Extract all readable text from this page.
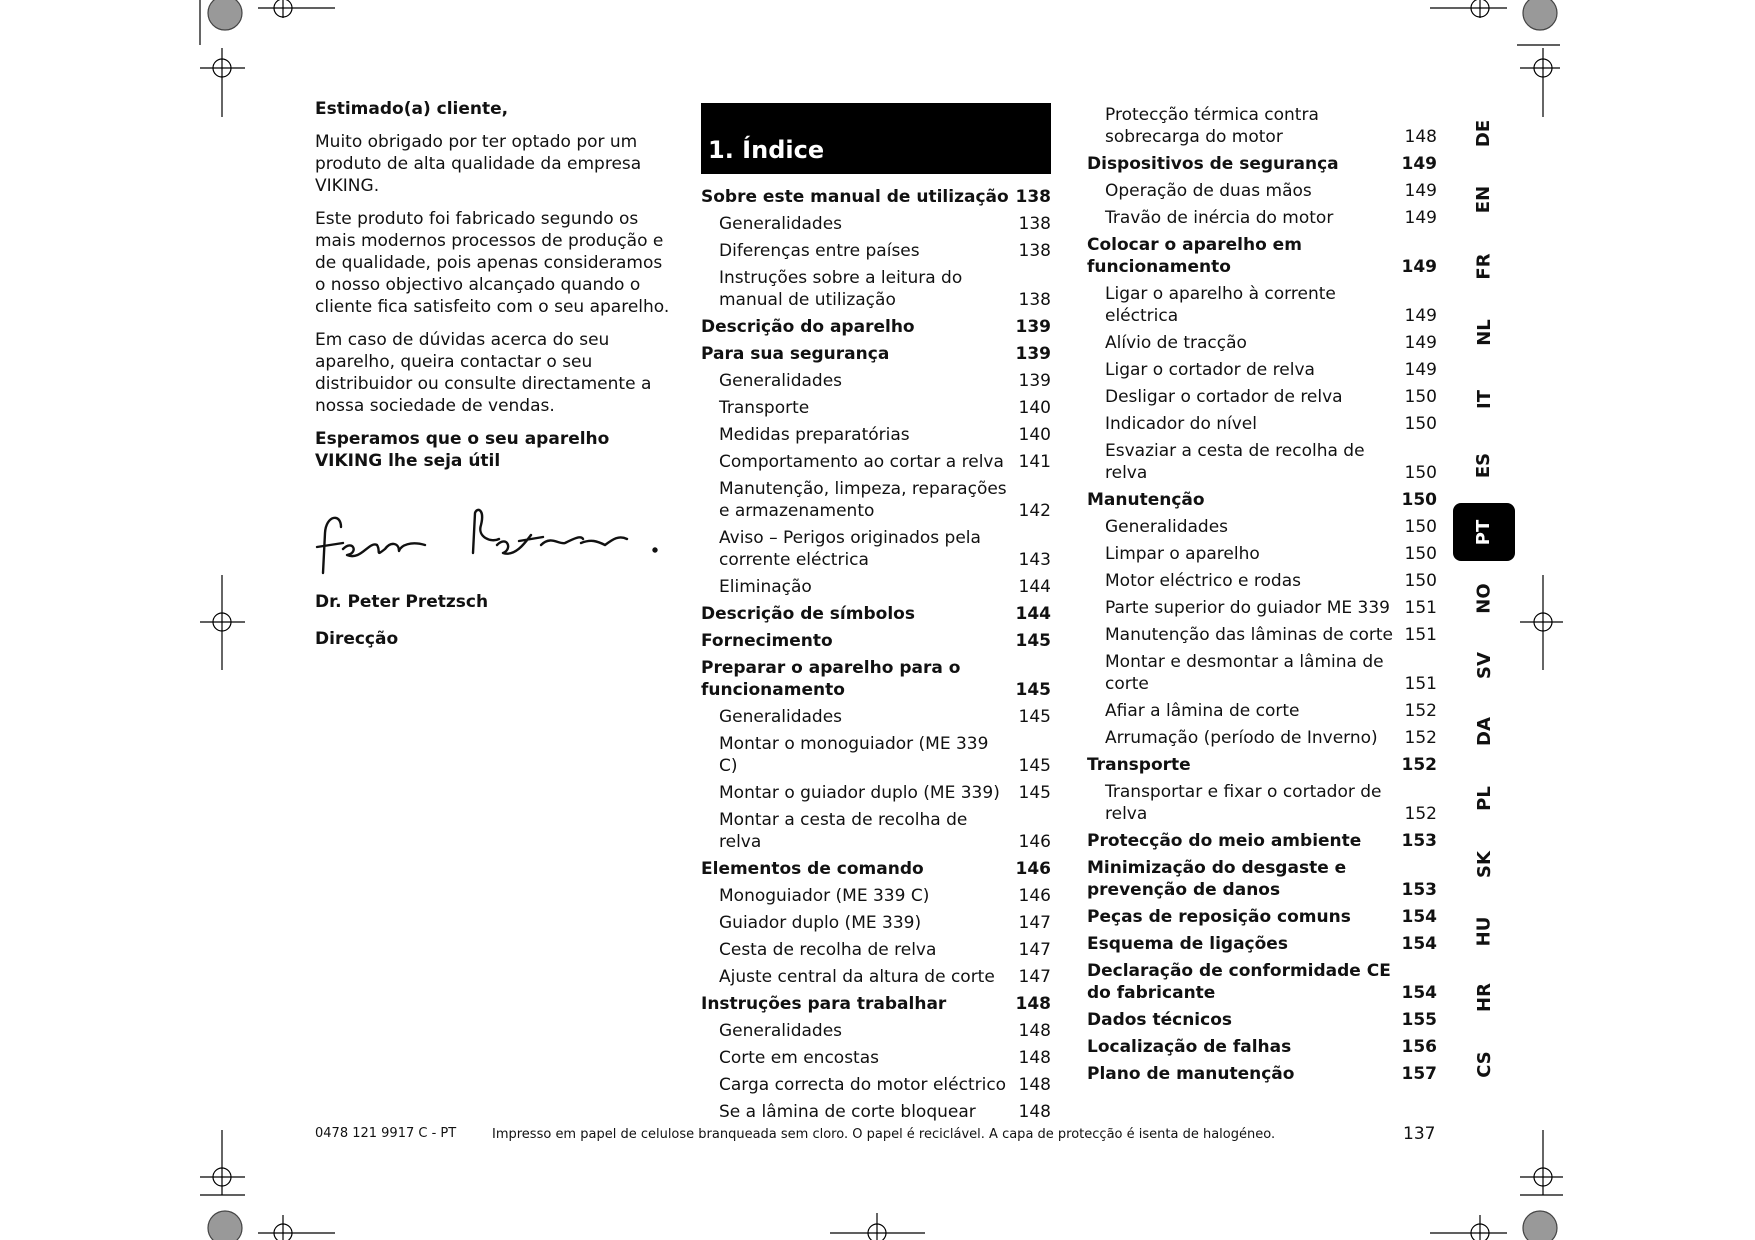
Estimado(a) cliente,

Muito obrigado por ter optado por um produto de alta qualidade da empresa VIKING.

Este produto foi fabricado segundo os mais modernos processos de produção e de qualidade, pois apenas consideramos o nosso objectivo alcançado quando o cliente fica satisfeito com o seu aparelho.

Em caso de dúvidas acerca do seu aparelho, queira contactar o seu distribuidor ou consulte directamente a nossa sociedade de vendas.

Esperamos que o seu aparelho VIKING lhe seja útil

Dr. Peter Pretzsch
Direcção
1. Índice
Sobre este manual de utilização 138
Generalidades	138
Diferenças entre países	138
Instruções sobre a leitura do manual de utilização	138
Descrição do aparelho	139
Para sua segurança	139
Generalidades	139
Transporte	140
Medidas preparatórias	140
Comportamento ao cortar a relva 141
Manutenção, limpeza, reparações e armazenamento	142
Aviso – Perigos originados pela corrente eléctrica	143
Eliminação	144
Descrição de símbolos	144
Fornecimento	145
Preparar o aparelho para o funcionamento	145
Generalidades	145
Montar o monoguiador (ME 339 C)	145
Montar o guiador duplo (ME 339)	145
Montar a cesta de recolha de relva	146
Elementos de comando	146
Monoguiador (ME 339 C)	146
Guiador duplo (ME 339)	147
Cesta de recolha de relva	147
Ajuste central da altura de corte	147
Instruções para trabalhar	148
Generalidades	148
Corte em encostas	148
Carga correcta do motor eléctrico 148
Se a lâmina de corte bloquear	148
Protecção térmica contra sobrecarga do motor	148
Dispositivos de segurança	149
Operação de duas mãos	149
Travão de inércia do motor	149
Colocar o aparelho em funcionamento	149
Ligar o aparelho à corrente eléctrica	149
Alívio de tracção	149
Ligar o cortador de relva	149
Desligar o cortador de relva	150
Indicador do nível	150
Esvaziar a cesta de recolha de relva	150
Manutenção	150
Generalidades	150
Limpar o aparelho	150
Motor eléctrico e rodas	150
Parte superior do guiador ME 339 151
Manutenção das lâminas de corte 151
Montar e desmontar a lâmina de corte	151
Afiar a lâmina de corte	152
Arrumação (período de Inverno)	152
Transporte	152
Transportar e fixar o cortador de relva	152
Protecção do meio ambiente	153
Minimização do desgaste e prevenção de danos	153
Peças de reposição comuns	154
Esquema de ligações	154
Declaração de conformidade CE do fabricante	154
Dados técnicos	155
Localização de falhas	156
Plano de manutenção	157
DE
EN
FR
NL
IT
ES
PT
NO
SV
DA
PL
SK
HU
HR
CS
0478 121 9917 C - PT	Impresso em papel de celulose branqueada sem cloro. O papel é reciclável. A capa de protecção é isenta de halogéneo.	137
